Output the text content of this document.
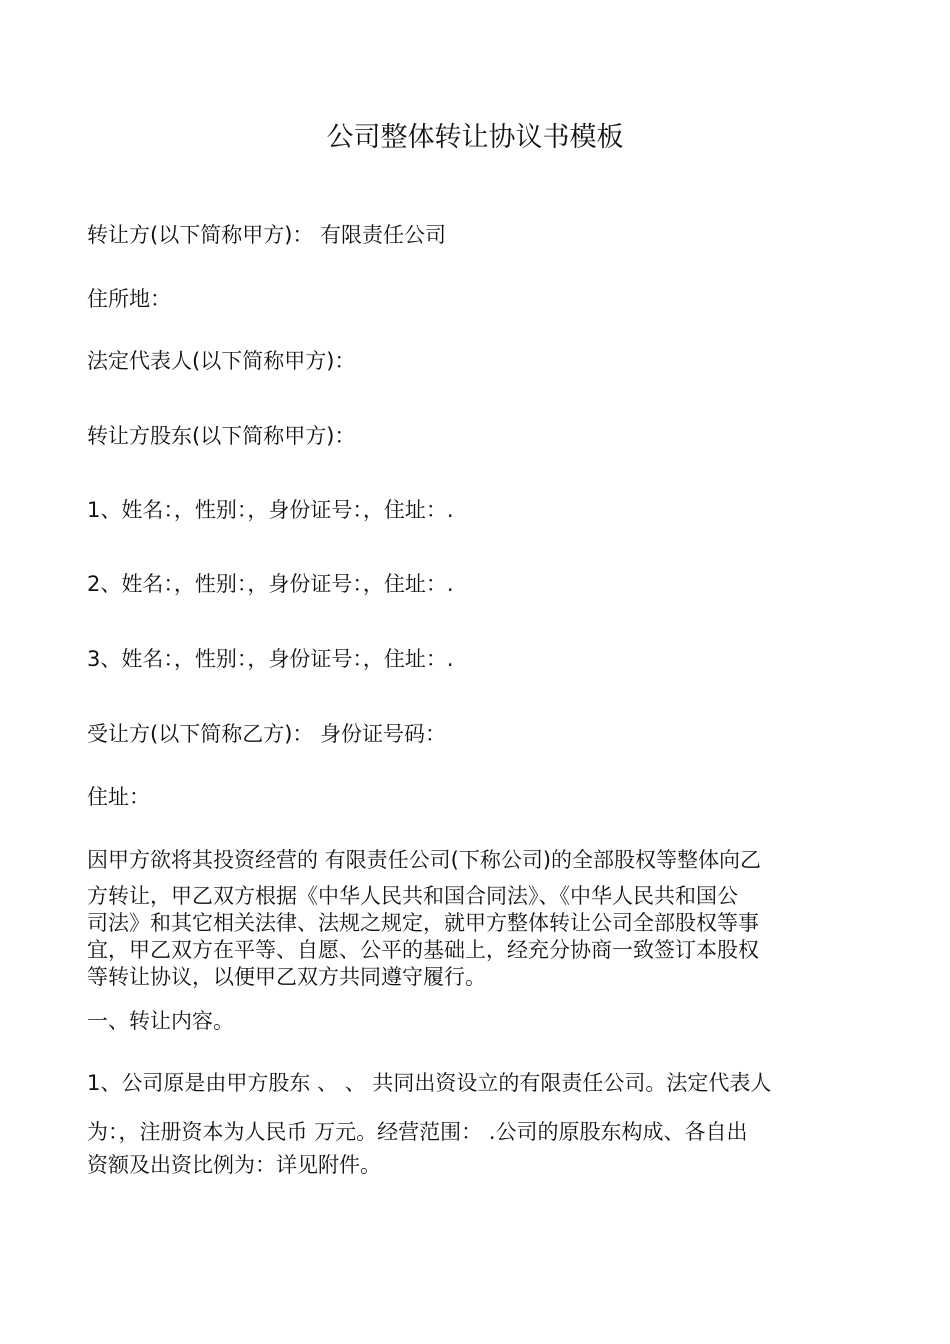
公司整体转让协议书模板

转让方(以下简称甲方)： 有限责任公司

住所地：

法定代表人(以下简称甲方)：

转让方股东(以下简称甲方)：

1、姓名：，性别：，身份证号：，住址：.

2、姓名：，性别：，身份证号：，住址：.

3、姓名：，性别：，身份证号：，住址：.

受让方(以下简称乙方)： 身份证号码：

住址：

因甲方欲将其投资经营的 有限责任公司(下称公司)的全部股权等整体向乙
方转让，甲乙双方根据《中华人民共和国合同法》、《中华人民共和国公
司法》和其它相关法律、法规之规定，就甲方整体转让公司全部股权等事
宜，甲乙双方在平等、自愿、公平的基础上，经充分协商一致签订本股权
等转让协议，以便甲乙双方共同遵守履行。

一、转让内容。

1、公司原是由甲方股东 、 、 共同出资设立的有限责任公司。法定代表人
为：，注册资本为人民币 万元。经营范围： .公司的原股东构成、各自出
资额及出资比例为：详见附件。
